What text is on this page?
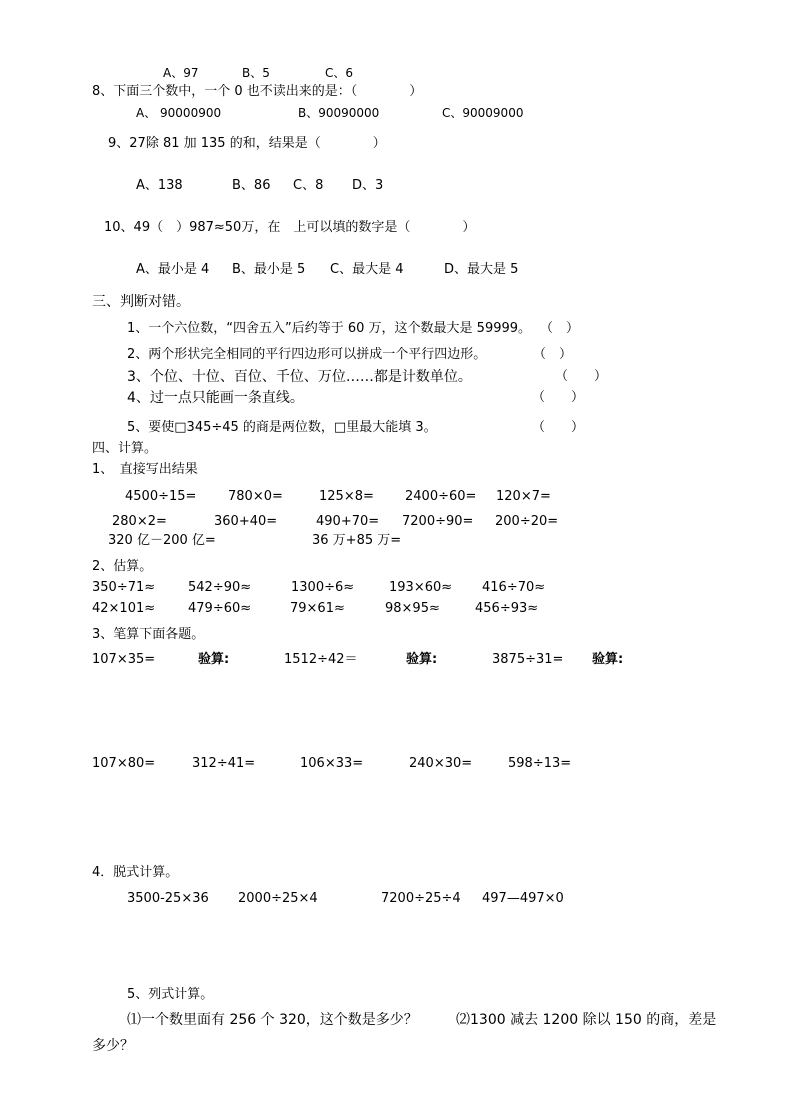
A、97	B、5	C、6
8、下面三个数中，一个 0 也不读出来的是：（　　　　）
A、 90000900	B、90090000	C、90009000
9、27除 81 加 135 的和，结果是（　　　　）
A、138	B、86 C、8 D、3
10、49（　）987≈50万，在　上可以填的数字是（　　　　）
A、最小是 4 B、最小是 5 C、最大是 4	D、最大是 5
三、判断对错。
1、一个六位数，“四舍五入”后约等于 60 万，这个数最大是 59999。 （　）
2、两个形状完全相同的平行四边形可以拼成一个平行四边形。	（　）
3、个位、十位、百位、千位、万位……都是计数单位。	（　　）
4、过一点只能画一条直线。	（　　）
5、要使□345÷45 的商是两位数，□里最大能填 3。	（　　）
四、计算。
1、　直接写出结果
4500÷15= 780×0=	125×8= 2400÷60= 120×7=
280×2=	360+40=	490+70= 7200÷90= 200÷20=
320 亿－200 亿=	36 万+85 万=
2、估算。
350÷71≈	542÷90≈	1300÷6≈	193×60≈ 416÷70≈
42×101≈	479÷60≈	79×61≈	98×95≈	456÷93≈
3、笔算下面各题。
107×35=	验算:	1512÷42＝	验算:	3875÷31= 验算:
107×80=	312÷41=	106×33=	240×30=	598÷13=
4．脱式计算。
3500-25×36 2000÷25×4	7200÷25÷4 497—497×0
5、列式计算。
⑴一个数里面有 256 个 320，这个数是多少？	⑵1300 减去 1200 除以 150 的商，差是
多少？
